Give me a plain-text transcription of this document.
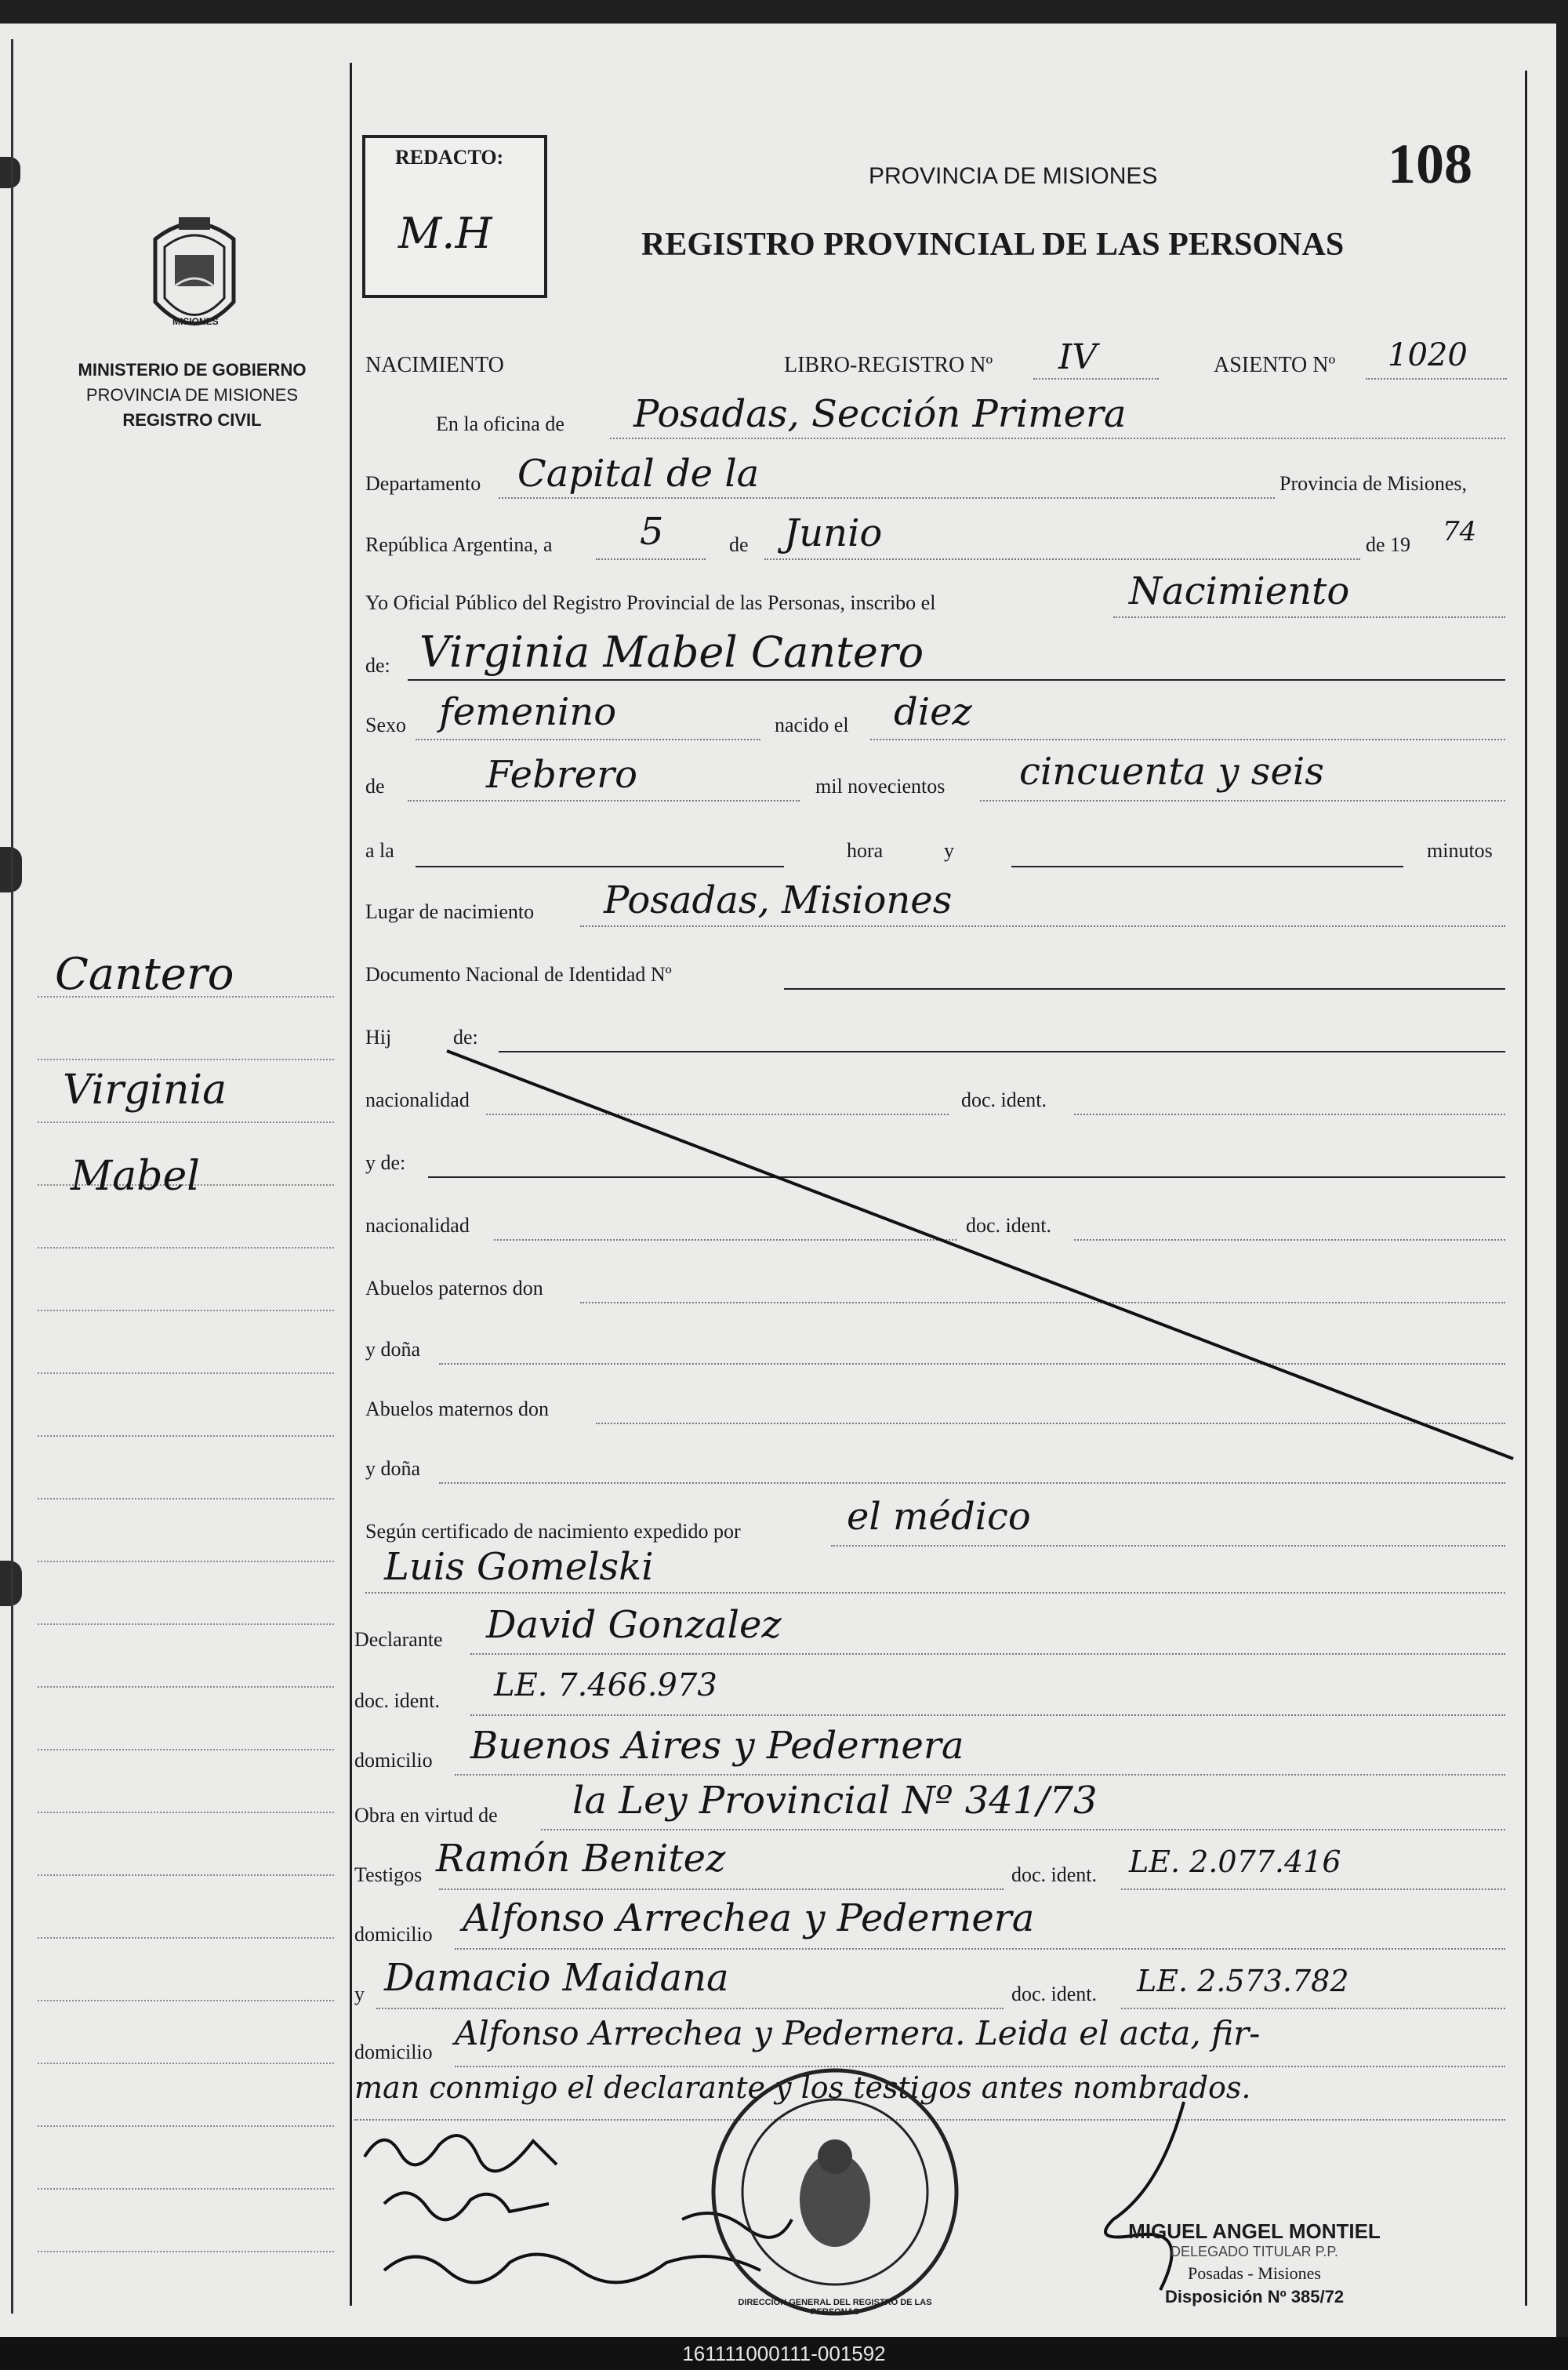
MISIONES
MINISTERIO DE GOBIERNO
PROVINCIA DE MISIONES
REGISTRO CIVIL
Cantero
Virginia
Mabel
REDACTO:
M.H
PROVINCIA DE MISIONES
REGISTRO PROVINCIAL DE LAS PERSONAS
108
NACIMIENTO	LIBRO-REGISTRO Nº IV	ASIENTO Nº 1020
En la oficina de Posadas, Sección Primera
Departamento Capital de la	Provincia de Misiones,
República Argentina, a 5	de Junio	de 19 74
Yo Oficial Público del Registro Provincial de las Personas, inscribo el	Nacimiento
de: Virginia Mabel Cantero
Sexo femenino	nacido el diez
de	Febrero	mil novecientos cincuenta y seis
a la	hora	y	minutos
Lugar de nacimiento Posadas, Misiones
Documento Nacional de Identidad Nº
Hij	de:
nacionalidad	doc. ident.
y de:
nacionalidad	doc. ident.
Abuelos paternos don
y doña
Abuelos maternos don
y doña
Según certificado de nacimiento expedido por	el médico
Luis Gomelski
Declarante David Gonzalez
doc. ident. LE. 7.466.973
domicilio Buenos Aires y Pedernera
Obra en virtud de la Ley Provincial Nº 341/73
Testigos Ramón Benitez	doc. ident. LE. 2.077.416
domicilio Alfonso Arrechea y Pedernera
y Damacio Maidana	doc. ident. LE. 2.573.782
domicilio Alfonso Arrechea y Pedernera. Leida el acta, fir-
man conmigo el declarante y los testigos antes nombrados.
DIRECCIÓN GENERAL DEL REGISTRO DE LAS PERSONAS
MIGUEL ANGEL MONTIEL
DELEGADO TITULAR P.P.
Posadas - Misiones
Disposición Nº 385/72
161111000111-001592
